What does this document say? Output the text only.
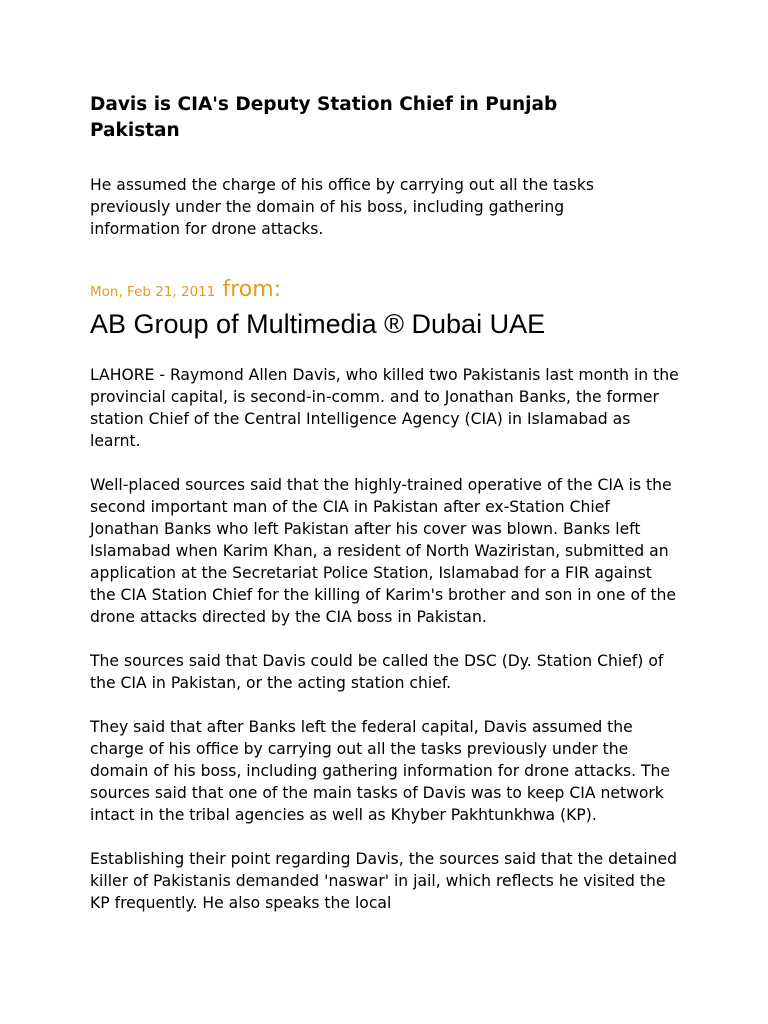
Davis is CIA's Deputy Station Chief in Punjab Pakistan

He assumed the charge of his office by carrying out all the tasks previously under the domain of his boss, including gathering information for drone attacks.

Mon, Feb 21, 2011 from:
AB Group of Multimedia ® Dubai UAE

LAHORE - Raymond Allen Davis, who killed two Pakistanis last month in the provincial capital, is second-in-comm. and to Jonathan Banks, the former station Chief of the Central Intelligence Agency (CIA) in Islamabad as learnt.

Well-placed sources said that the highly-trained operative of the CIA is the second important man of the CIA in Pakistan after ex-Station Chief Jonathan Banks who left Pakistan after his cover was blown. Banks left Islamabad when Karim Khan, a resident of North Waziristan, submitted an application at the Secretariat Police Station, Islamabad for a FIR against the CIA Station Chief for the killing of Karim's brother and son in one of the drone attacks directed by the CIA boss in Pakistan.

The sources said that Davis could be called the DSC (Dy. Station Chief) of the CIA in Pakistan, or the acting station chief.

They said that after Banks left the federal capital, Davis assumed the charge of his office by carrying out all the tasks previously under the domain of his boss, including gathering information for drone attacks. The sources said that one of the main tasks of Davis was to keep CIA network intact in the tribal agencies as well as Khyber Pakhtunkhwa (KP).

Establishing their point regarding Davis, the sources said that the detained killer of Pakistanis demanded 'naswar' in jail, which reflects he visited the KP frequently. He also speaks the local
